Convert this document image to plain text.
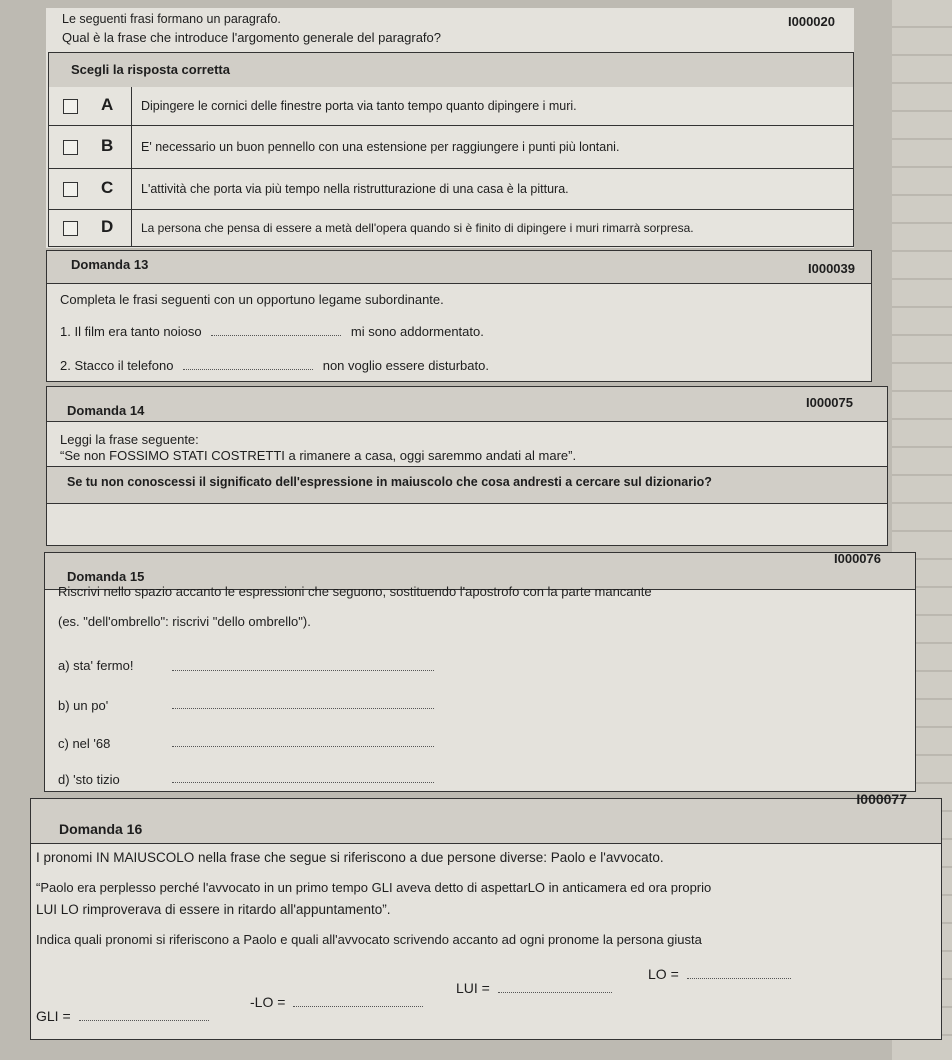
Le seguenti frasi formano un paragrafo.	I000020
Qual è la frase che introduce l'argomento generale del paragrafo?
Scegli la risposta corretta
A Dipingere le cornici delle finestre porta via tanto tempo quanto dipingere i muri.
B E' necessario un buon pennello con una estensione per raggiungere i punti più lontani.
C L'attività che porta via più tempo nella ristrutturazione di una casa è la pittura.
D La persona che pensa di essere a metà dell'opera quando si è finito di dipingere i muri rimarrà sorpresa.
Domanda 13	I000039
Completa le frasi seguenti con un opportuno legame subordinante.
1. Il film era tanto noioso	mi sono addormentato.
2. Stacco il telefono	non voglio essere disturbato.
Domanda 14
I000075
Leggi la frase seguente:
“Se non FOSSIMO STATI COSTRETTI a rimanere a casa, oggi saremmo andati al mare”.
Se tu non conoscessi il significato dell'espressione in maiuscolo che cosa andresti a cercare sul dizionario?
Domanda 15
I000076
Riscrivi nello spazio accanto le espressioni che seguono, sostituendo l'apostrofo con la parte mancante
(es. "dell'ombrello": riscrivi "dello ombrello").
a) sta' fermo!
b) un po'
c) nel '68
d) 'sto tizio
Domanda 16
I000077
I pronomi IN MAIUSCOLO nella frase che segue si riferiscono a due persone diverse: Paolo e l'avvocato.
“Paolo era perplesso perché l'avvocato in un primo tempo GLI aveva detto di aspettarLO in anticamera ed ora proprio
LUI LO rimproverava di essere in ritardo all'appuntamento”.
Indica quali pronomi si riferiscono a Paolo e quali all'avvocato scrivendo accanto ad ogni pronome la persona giusta
LO =
LUI =
-LO =
GLI =
